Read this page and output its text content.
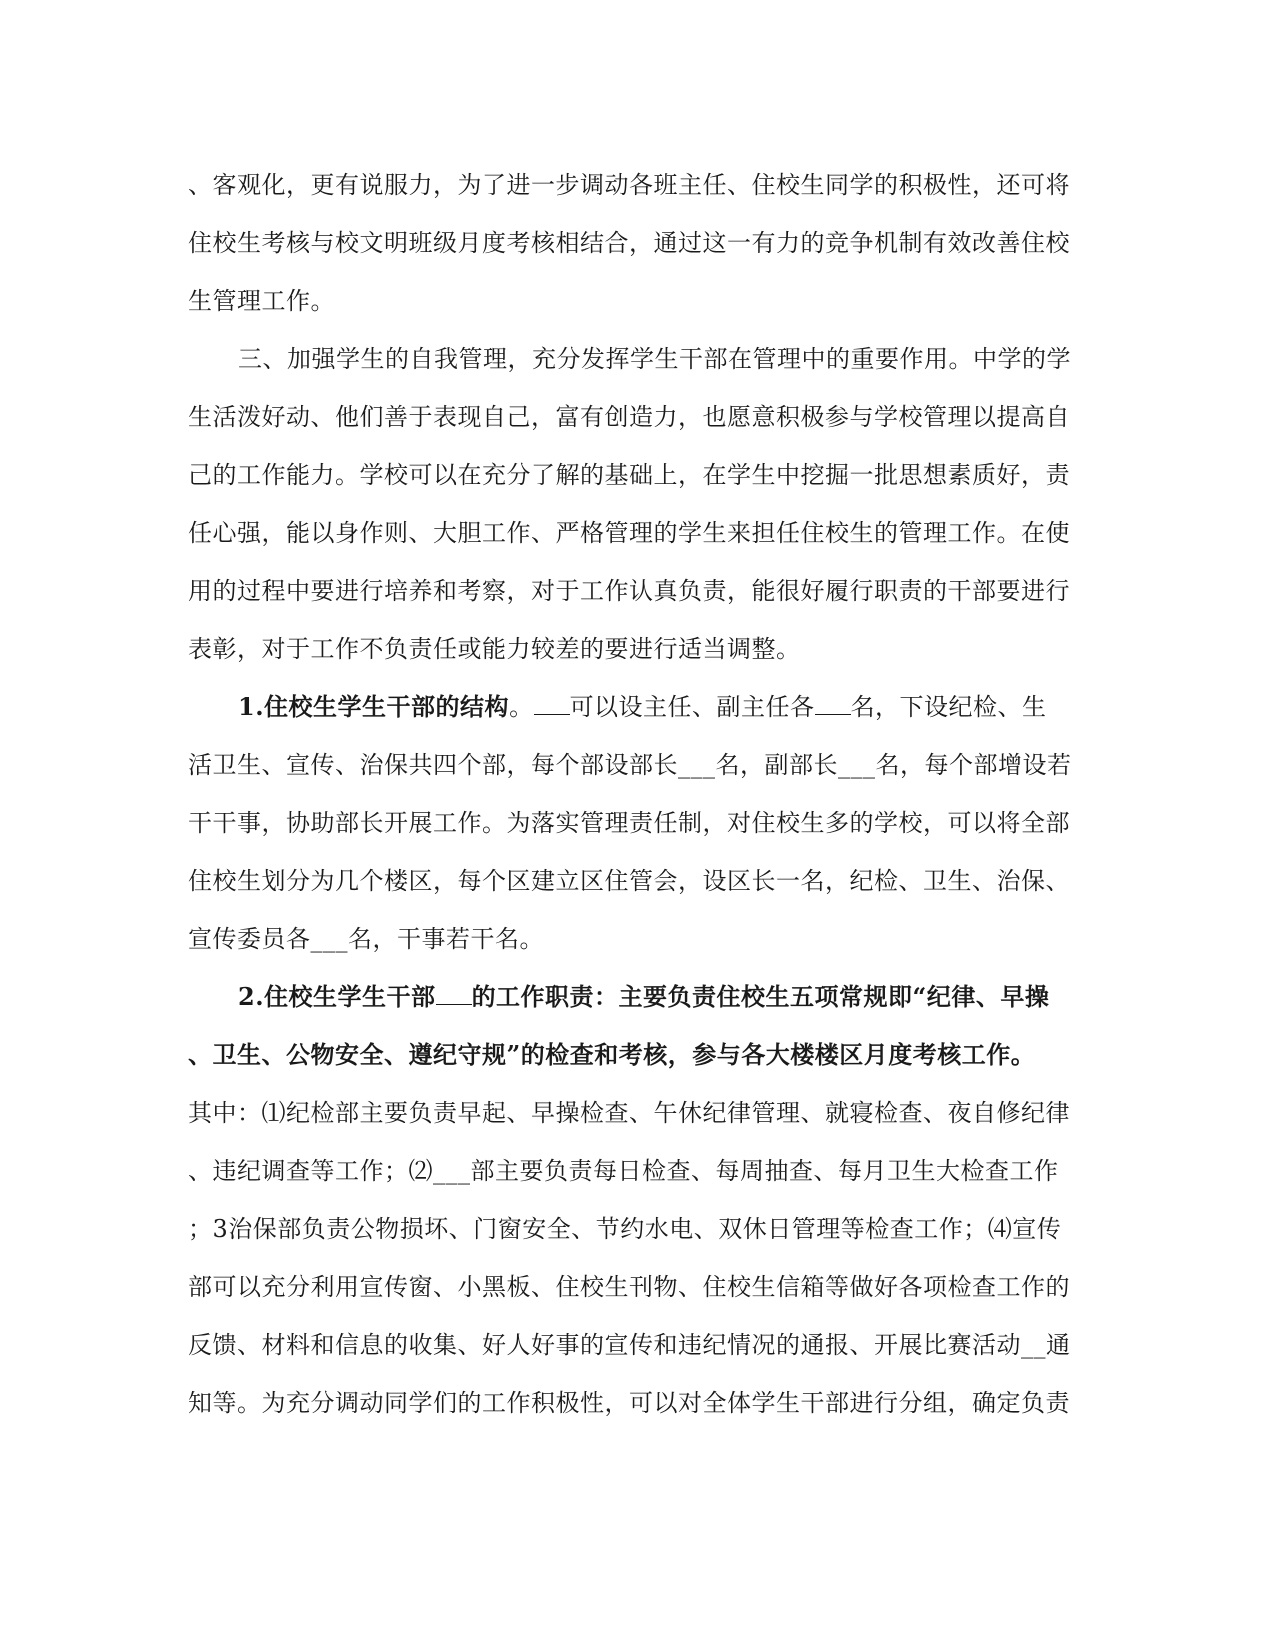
、客观化，更有说服力，为了进一步调动各班主任、住校生同学的积极性，还可将
住校生考核与校文明班级月度考核相结合，通过这一有力的竞争机制有效改善住校
生管理工作。
三、加强学生的自我管理，充分发挥学生干部在管理中的重要作用。中学的学
生活泼好动、他们善于表现自己，富有创造力，也愿意积极参与学校管理以提高自
己的工作能力。学校可以在充分了解的基础上，在学生中挖掘一批思想素质好，责
任心强，能以身作则、大胆工作、严格管理的学生来担任住校生的管理工作。在使
用的过程中要进行培养和考察，对于工作认真负责，能很好履行职责的干部要进行
表彰，对于工作不负责任或能力较差的要进行适当调整。
1.住校生学生干部的结构。 可以设主任、副主任各 名，下设纪检、生
活卫生、宣传、治保共四个部，每个部设部长___名，副部长___名，每个部增设若
干干事，协助部长开展工作。为落实管理责任制，对住校生多的学校，可以将全部
住校生划分为几个楼区，每个区建立区住管会，设区长一名，纪检、卫生、治保、
宣传委员各___名，干事若干名。
2.住校生学生干部 的工作职责：主要负责住校生五项常规即“纪律、早操
、卫生、公物安全、遵纪守规”的检查和考核，参与各大楼楼区月度考核工作。
其中：⑴纪检部主要负责早起、早操检查、午休纪律管理、就寝检查、夜自修纪律
、违纪调查等工作；⑵___部主要负责每日检查、每周抽查、每月卫生大检查工作
；3治保部负责公物损坏、门窗安全、节约水电、双休日管理等检查工作；⑷宣传
部可以充分利用宣传窗、小黑板、住校生刊物、住校生信箱等做好各项检查工作的
反馈、材料和信息的收集、好人好事的宣传和违纪情况的通报、开展比赛活动__通
知等。为充分调动同学们的工作积极性，可以对全体学生干部进行分组，确定负责
